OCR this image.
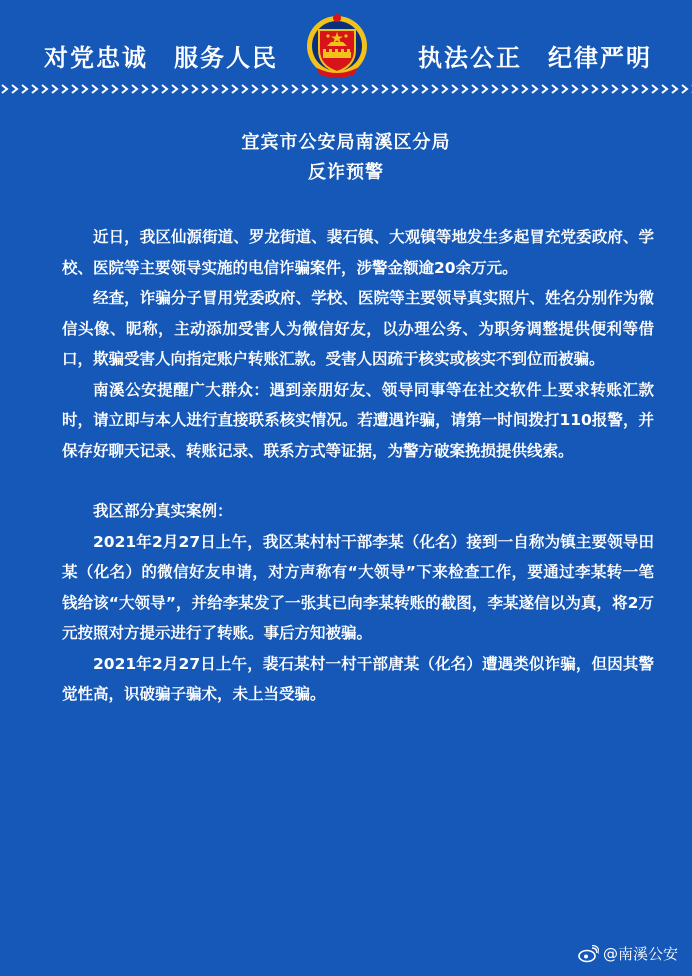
对党忠诚　服务人民	执法公正　纪律严明
宜宾市公安局南溪区分局
反诈预警

近日，我区仙源街道、罗龙街道、裴石镇、大观镇等地发生多起冒充党委政府、学校、医院等主要领导实施的电信诈骗案件，涉警金额逾20余万元。

经查，诈骗分子冒用党委政府、学校、医院等主要领导真实照片、姓名分别作为微信头像、昵称，主动添加受害人为微信好友，以办理公务、为职务调整提供便利等借口，欺骗受害人向指定账户转账汇款。受害人因疏于核实或核实不到位而被骗。

南溪公安提醒广大群众：遇到亲朋好友、领导同事等在社交软件上要求转账汇款时，请立即与本人进行直接联系核实情况。若遭遇诈骗，请第一时间拨打110报警，并保存好聊天记录、转账记录、联系方式等证据，为警方破案挽损提供线索。

我区部分真实案例：

2021年2月27日上午，我区某村村干部李某（化名）接到一自称为镇主要领导田某（化名）的微信好友申请，对方声称有“大领导”下来检查工作，要通过李某转一笔钱给该“大领导”，并给李某发了一张其已向李某转账的截图，李某遂信以为真，将2万元按照对方提示进行了转账。事后方知被骗。

2021年2月27日上午，裴石某村一村干部唐某（化名）遭遇类似诈骗，但因其警觉性高，识破骗子骗术，未上当受骗。

@南溪公安
